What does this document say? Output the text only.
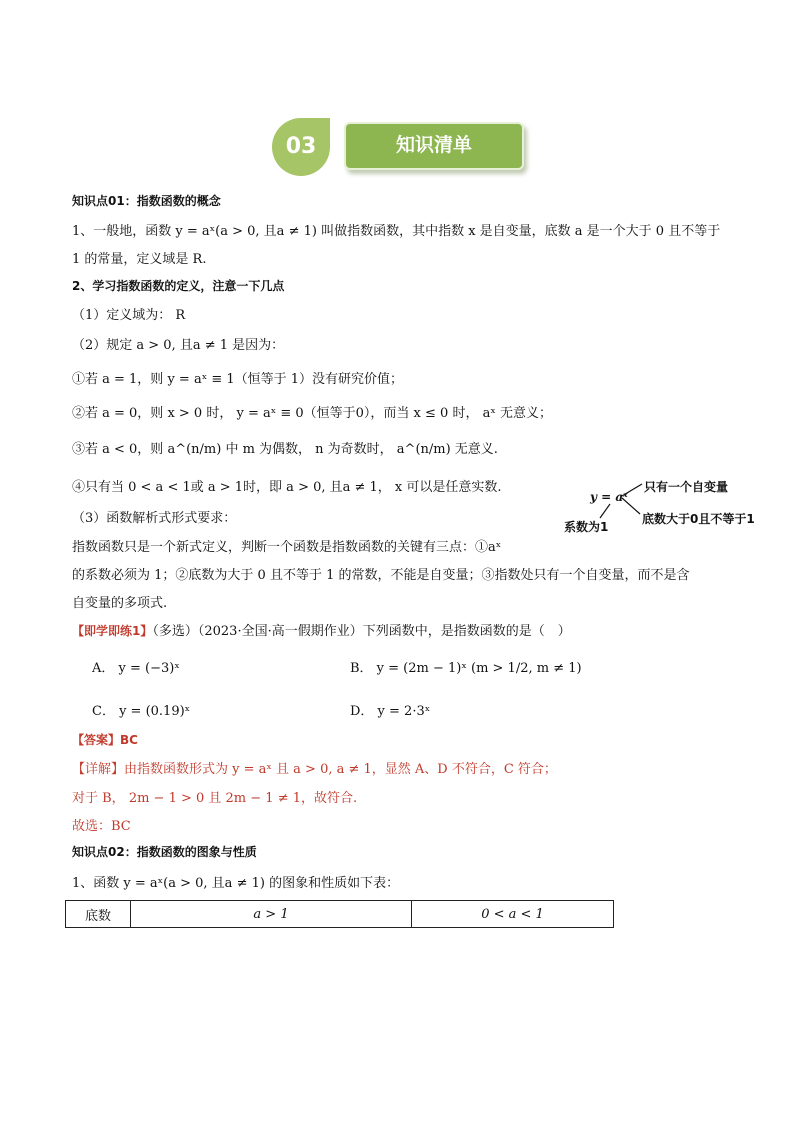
03	知识清单
知识点01：指数函数的概念
1、一般地，函数 y = aˣ(a > 0, 且a ≠ 1) 叫做指数函数，其中指数 x 是自变量，底数 a 是一个大于 0 且不等于
1 的常量，定义域是 R.
2、学习指数函数的定义，注意一下几点
（1）定义域为： R
（2）规定 a > 0, 且a ≠ 1 是因为：
①若 a = 1，则 y = aˣ ≡ 1（恒等于 1）没有研究价值；
②若 a = 0，则 x > 0 时， y = aˣ ≡ 0（恒等于0），而当 x ≤ 0 时， aˣ 无意义；
③若 a < 0，则 a^(n/m) 中 m 为偶数， n 为奇数时， a^(n/m) 无意义.
④只有当 0 < a < 1或 a > 1时，即 a > 0, 且a ≠ 1， x 可以是任意实数.
（3）函数解析式形式要求：
指数函数只是一个新式定义，判断一个函数是指数函数的关键有三点：①aˣ
的系数必须为 1；②底数为大于 0 且不等于 1 的常数，不能是自变量；③指数处只有一个自变量，而不是含
自变量的多项式.
y = aˣ
只有一个自变量
底数大于0且不等于1
系数为1
【即学即练1】（多选）（2023·全国·高一假期作业）下列函数中，是指数函数的是（　）
A． y = (−3)ˣ	B． y = (2m − 1)ˣ (m > 1/2, m ≠ 1)
C． y = (0.19)ˣ	D． y = 2·3ˣ
【答案】BC
【详解】由指数函数形式为 y = aˣ 且 a > 0, a ≠ 1，显然 A、D 不符合，C 符合；
对于 B， 2m − 1 > 0 且 2m − 1 ≠ 1，故符合.
故选：BC
知识点02：指数函数的图象与性质
1、函数 y = aˣ(a > 0, 且a ≠ 1) 的图象和性质如下表：
底数	a > 1	0 < a < 1
